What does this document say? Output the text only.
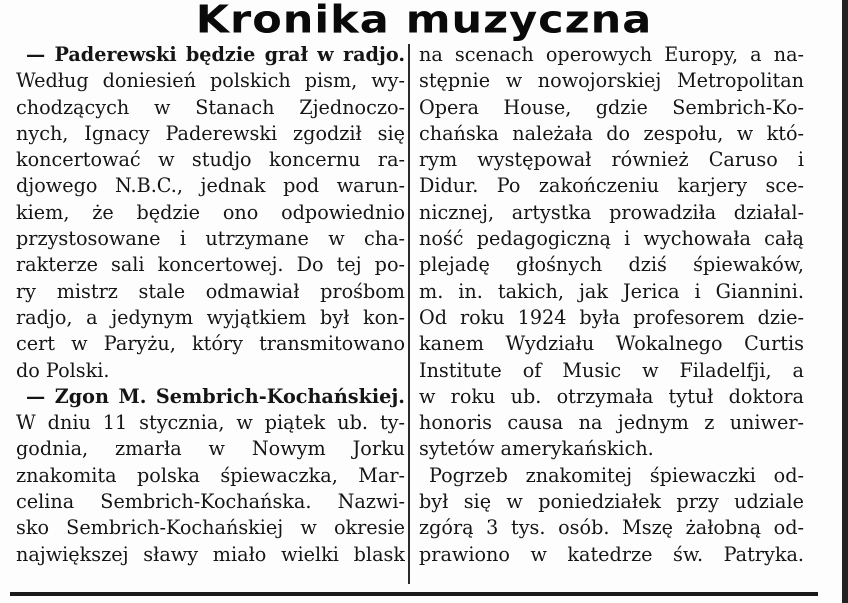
Kronika muzyczna
— Paderewski będzie grał w radjo.
Według doniesień polskich pism, wy-
chodzących w Stanach Zjednoczo-
nych, Ignacy Paderewski zgodził się
koncertować w studjo koncernu ra-
djowego N.B.C., jednak pod warun-
kiem, że będzie ono odpowiednio
przystosowane i utrzymane w cha-
rakterze sali koncertowej. Do tej po-
ry mistrz stale odmawiał prośbom
radjo, a jedynym wyjątkiem był kon-
cert w Paryżu, który transmitowano
do Polski.
— Zgon M. Sembrich-Kochańskiej.
W dniu 11 stycznia, w piątek ub. ty-
godnia, zmarła w Nowym Jorku
znakomita polska śpiewaczka, Mar-
celina Sembrich-Kochańska. Nazwi-
sko Sembrich-Kochańskiej w okresie
największej sławy miało wielki blask
na scenach operowych Europy, a na-
stępnie w nowojorskiej Metropolitan
Opera House, gdzie Sembrich-Ko-
chańska należała do zespołu, w któ-
rym występował również Caruso i
Didur. Po zakończeniu karjery sce-
nicznej, artystka prowadziła działal-
ność pedagogiczną i wychowała całą
plejadę głośnych dziś śpiewaków,
m. in. takich, jak Jerica i Giannini.
Od roku 1924 była profesorem dzie-
kanem Wydziału Wokalnego Curtis
Institute of Music w Filadelfji, a
w roku ub. otrzymała tytuł doktora
honoris causa na jednym z uniwer-
sytetów amerykańskich.
Pogrzeb znakomitej śpiewaczki od-
był się w poniedziałek przy udziale
zgórą 3 tys. osób. Mszę żałobną od-
prawiono w katedrze św. Patryka.
